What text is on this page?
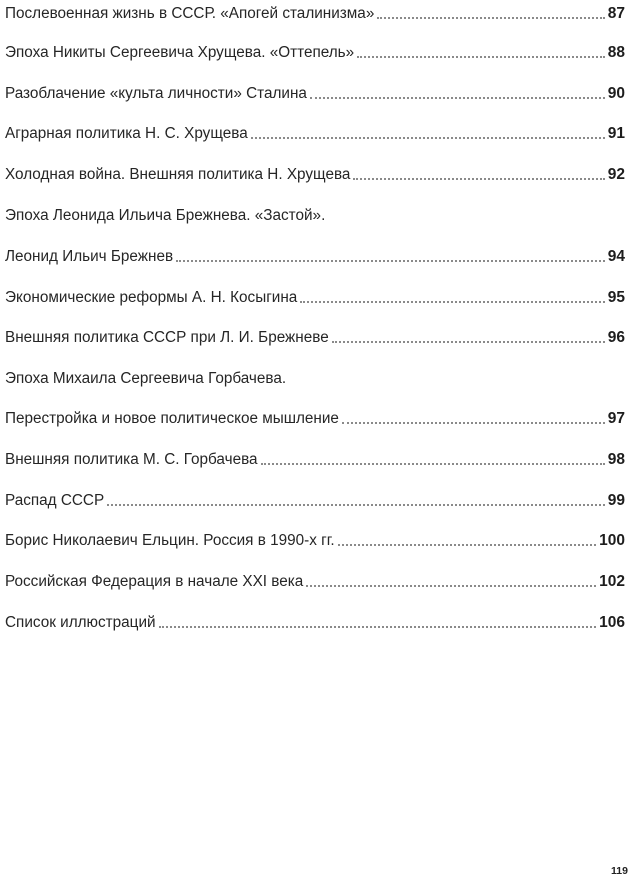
Послевоенная жизнь в СССР. «Апогей сталинизма»	87
Эпоха Никиты Сергеевича Хрущева. «Оттепель»	88
Разоблачение «культа личности» Сталина	90
Аграрная политика Н. С. Хрущева	91
Холодная война. Внешняя политика Н. Хрущева	92
Эпоха Леонида Ильича Брежнева. «Застой».
Леонид Ильич Брежнев	94
Экономические реформы А. Н. Косыгина	95
Внешняя политика СССР при Л. И. Брежневе	96
Эпоха Михаила Сергеевича Горбачева.
Перестройка и новое политическое мышление	97
Внешняя политика М. С. Горбачева	98
Распад СССР	99
Борис Николаевич Ельцин. Россия в 1990-х гг.	100
Российская Федерация в начале XXI века	102
Список иллюстраций	106
119
